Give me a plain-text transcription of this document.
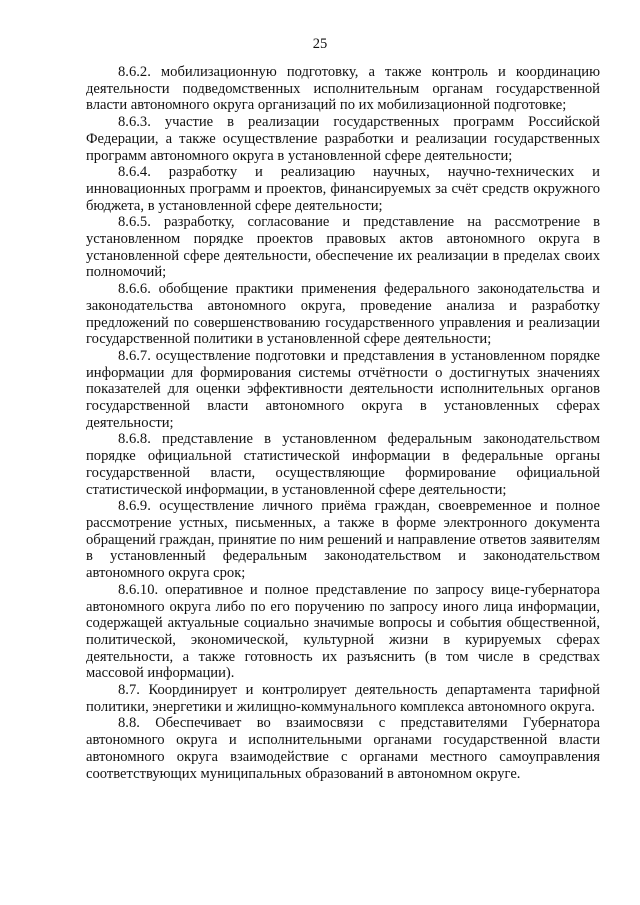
25

8.6.2. мобилизационную подготовку, а также контроль и координацию деятельности подведомственных исполнительным органам государственной власти автономного округа организаций по их мобилизационной подготовке;

8.6.3. участие в реализации государственных программ Российской Федерации, а также осуществление разработки и реализации государственных программ автономного округа в установленной сфере деятельности;

8.6.4. разработку и реализацию научных, научно-технических и инновационных программ и проектов, финансируемых за счёт средств окружного бюджета, в установленной сфере деятельности;

8.6.5. разработку, согласование и представление на рассмотрение в установленном порядке проектов правовых актов автономного округа в установленной сфере деятельности, обеспечение их реализации в пределах своих полномочий;

8.6.6. обобщение практики применения федерального законодательства и законодательства автономного округа, проведение анализа и разработку предложений по совершенствованию государственного управления и реализации государственной политики в установленной сфере деятельности;

8.6.7. осуществление подготовки и представления в установленном порядке информации для формирования системы отчётности о достигнутых значениях показателей для оценки эффективности деятельности исполнительных органов государственной власти автономного округа в установленных сферах деятельности;

8.6.8. представление в установленном федеральным законодательством порядке официальной статистической информации в федеральные органы государственной власти, осуществляющие формирование официальной статистической информации, в установленной сфере деятельности;

8.6.9. осуществление личного приёма граждан, своевременное и полное рассмотрение устных, письменных, а также в форме электронного документа обращений граждан, принятие по ним решений и направление ответов заявителям в установленный федеральным законодательством и законодательством автономного округа срок;

8.6.10. оперативное и полное представление по запросу вице-губернатора автономного округа либо по его поручению по запросу иного лица информации, содержащей актуальные социально значимые вопросы и события общественной, политической, экономической, культурной жизни в курируемых сферах деятельности, а также готовность их разъяснить (в том числе в средствах массовой информации).

8.7. Координирует и контролирует деятельность департамента тарифной политики, энергетики и жилищно-коммунального комплекса автономного округа.

8.8. Обеспечивает во взаимосвязи с представителями Губернатора автономного округа и исполнительными органами государственной власти автономного округа взаимодействие с органами местного самоуправления соответствующих муниципальных образований в автономном округе.
